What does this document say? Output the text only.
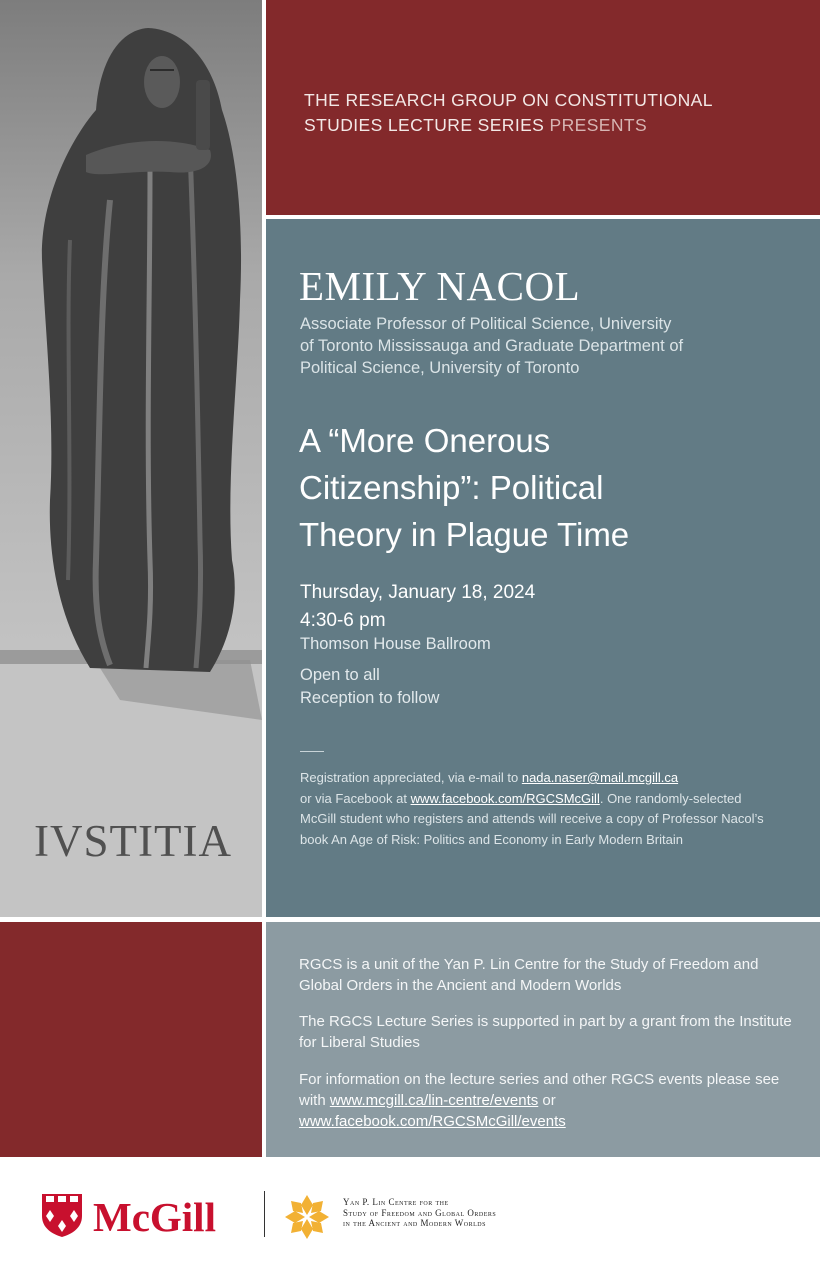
IVSTITIA
THE RESEARCH GROUP ON CONSTITUTIONAL
STUDIES LECTURE SERIES PRESENTS
EMILY NACOL
Associate Professor of Political Science, University
of Toronto Mississauga and Graduate Department of
Political Science, University of Toronto
A “More Onerous
Citizenship”: Political
Theory in Plague Time
Thursday, January 18, 2024
4:30-6 pm
Thomson House Ballroom
Open to all
Reception to follow
Registration appreciated, via e-mail to nada.naser@mail.mcgill.ca
or via Facebook at www.facebook.com/RGCSMcGill. One randomly-selected McGill student who registers and attends will receive a copy of Professor Nacol’s book An Age of Risk: Politics and Economy in Early Modern Britain
RGCS is a unit of the Yan P. Lin Centre for the Study of Freedom and Global Orders in the Ancient and Modern Worlds
The RGCS Lecture Series is supported in part by a grant from the Institute for Liberal Studies
For information on the lecture series and other RGCS events please see with www.mcgill.ca/lin-centre/events or www.facebook.com/RGCSMcGill/events
McGill	Yan P. Lin Centre for the
Study of Freedom and Global Orders
in the Ancient and Modern Worlds
